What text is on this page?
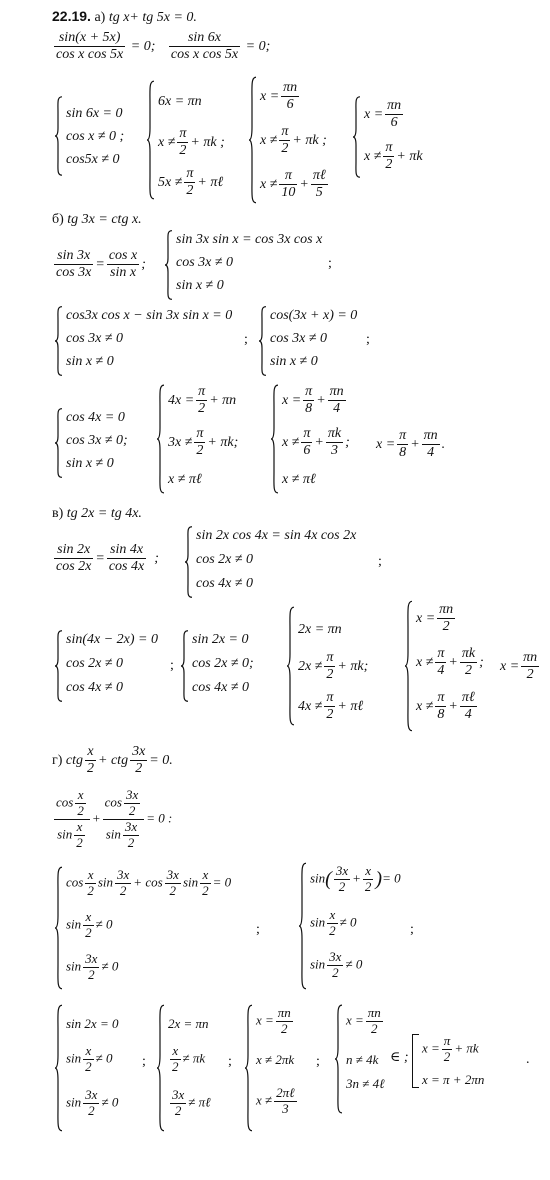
22.19. а) tg x+ tg 5x = 0.
$\frac{\sin(x + 5x)}{\text{cos x cos 5x}} = 0$; $\frac{\sin 6x}{\text{cos x cos 5x}} = 0$;
sin 6x = 0
cos x ≠ 0 ;
cos5x ≠ 0
6x = πn
$x \ne \frac{\pi}{2} + \pi k$ ;
$5x \ne \frac{\pi}{2}$ + πℓ
$x = \frac{\pi n}{6}$
$x \ne \frac{\pi}{2} + \pi k$ ;
$x \ne \frac{\pi}{10}$ +
πℓ
5
$x = \frac{\pi n}{6}$
$x \ne \frac{\pi}{2} + \pi k$
б) tg 3x = ctg x.
$\frac{\sin 3x}{\cos 3x} = \frac{\text{cos x}}{\text{sin x}}$ ;
sin 3x sin x = cos 3x cos x
cos 3x ≠ 0
sin x ≠ 0
;
cos3x cos x − sin 3x sin x = 0
cos 3x ≠ 0
sin x ≠ 0
;
cos(3x + x) = 0
cos 3x ≠ 0
sin x ≠ 0
;
cos 4x = 0
cos 3x ≠ 0;
sin x ≠ 0
$4x = \frac{\pi}{2} + \pi n$
$3x \ne \frac{\pi}{2} + \pi k$;
x ≠ πℓ
$x = \frac{\pi}{8} + \frac{\pi n}{4}$
$x \ne \frac{\pi}{6} + \frac{\pi k}{3}$ ;
x ≠ πℓ
$x = \frac{\pi}{8} + \frac{\pi n}{4}$ .
в) tg 2x = tg 4x.
$\frac{\sin 2x}{\cos 2x} = \frac{\sin 4x}{\cos 4x}$ ;
sin 2x cos 4x = sin 4x cos 2x
cos 2x ≠ 0
cos 4x ≠ 0
;
sin(4x − 2x) = 0
cos 2x ≠ 0
cos 4x ≠ 0
;
sin 2x = 0
cos 2x ≠ 0;
cos 4x ≠ 0
2x = πn
$2x \ne \frac{\pi}{2} + \pi k$;
$4x \ne \frac{\pi}{2}$ + πℓ
$x = \frac{\pi n}{2}$
$x \ne \frac{\pi}{4} + \frac{\pi k}{2}$ ;
$x \ne \frac{\pi}{8}$ +
πℓ
4
$x = \frac{\pi n}{2}$
г) ctg $\frac{x}{2}$ + ctg $\frac{3x}{2} = 0$.
$\frac{\cos \frac{x}{2}}{\sin \frac{x}{2}} + \frac{\cos \frac{3x}{2}}{\sin \frac{3x}{2}} = 0$ :
$\cos \frac{x}{2}$ $\sin \frac{3x}{2} + \cos \frac{3x}{2}$ $\sin \frac{x}{2} = 0$
$\sin \frac{x}{2} \ne 0$
$\sin \frac{3x}{2} \ne 0$
;
$\sin( \frac{3x}{2} + \frac{x}{2}$ )= 0
$\sin \frac{x}{2} \ne 0$
$\sin \frac{3x}{2} \ne 0$
;
sin 2x = 0
$\sin \frac{x}{2} \ne 0$
$\sin \frac{3x}{2} \ne 0$
;
2x = πn
$\frac{x}{2} \ne \pi k$
$\frac{3x}{2}$ ≠ πℓ
;
$x = \frac{\pi n}{2}$
x ≠ 2πk
x ≠ 2πℓ
3
;
$x = \frac{\pi n}{2}$
n ≠ 4k
3n ≠ 4ℓ
∈ ;
$x = \frac{\pi}{2} + \pi k$
x = π + 2πn
.
